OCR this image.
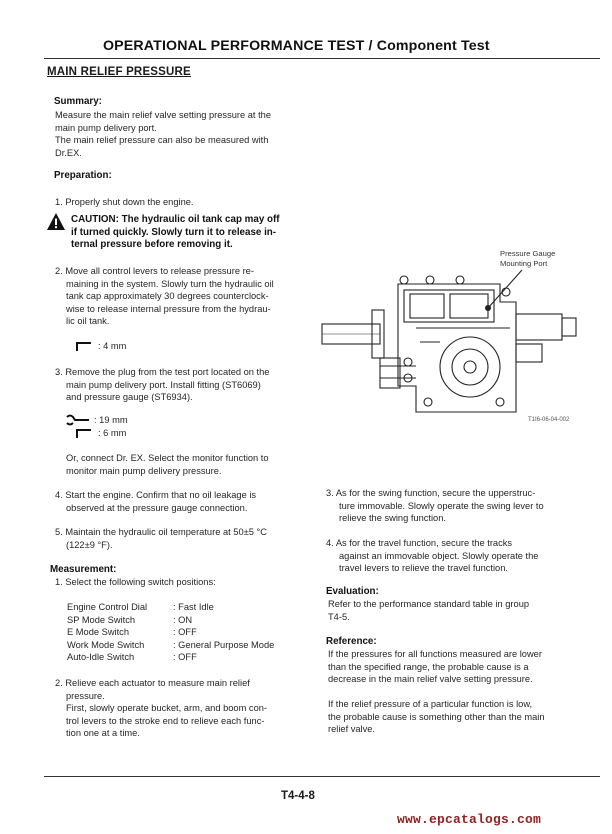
OPERATIONAL PERFORMANCE TEST / Component Test
MAIN RELIEF PRESSURE
Summary:
Measure the main relief valve setting pressure at the
main pump delivery port.
The main relief pressure can also be measured with
Dr.EX.
Preparation:
1. Properly shut down the engine.
CAUTION: The hydraulic oil tank cap may off
if turned quickly. Slowly turn it to release in-
ternal pressure before removing it.
2. Move all control levers to release pressure re-
maining in the system. Slowly turn the hydraulic oil
tank cap approximately 30 degrees counterclock-
wise to release internal pressure from the hydrau-
lic oil tank.
: 4 mm
3. Remove the plug from the test port located on the
main pump delivery port. Install fitting (ST6069)
and pressure gauge (ST6934).
: 19 mm
: 6 mm
Or, connect Dr. EX. Select the monitor function to
monitor main pump delivery pressure.
4. Start the engine. Confirm that no oil leakage is
observed at the pressure gauge connection.
5. Maintain the hydraulic oil temperature at 50±5 °C
(122±9 °F).
Measurement:
1. Select the following switch positions:
Engine Control Dial	: Fast Idle
SP Mode Switch	: ON
E Mode Switch	: OFF
Work Mode Switch	: General Purpose Mode
Auto-Idle Switch	: OFF
2. Relieve each actuator to measure main relief
pressure.
First, slowly operate bucket, arm, and boom con-
trol levers to the stroke end to relieve each func-
tion one at a time.
Pressure Gauge
Mounting Port
T1I6-06-04-002
3. As for the swing function, secure the upperstruc-
ture immovable. Slowly operate the swing lever to
relieve the swing function.
4. As for the travel function, secure the tracks
against an immovable object. Slowly operate the
travel levers to relieve the travel function.
Evaluation:
Refer to the performance standard table in group
T4-5.
Reference:
If the pressures for all functions measured are lower
than the specified range, the probable cause is a
decrease in the main relief valve setting pressure.
If the relief pressure of a particular function is low,
the probable cause is something other than the main
relief valve.
T4-4-8
www.epcatalogs.com
